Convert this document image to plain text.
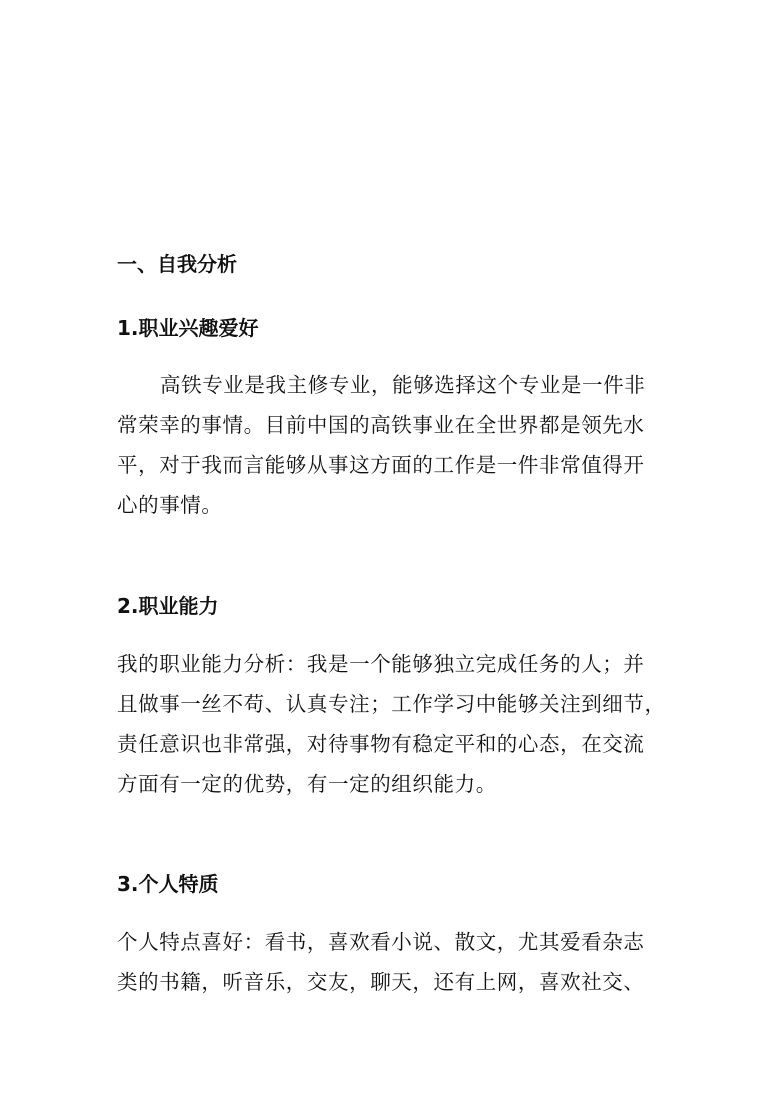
一、自我分析
1.职业兴趣爱好

高铁专业是我主修专业，能够选择这个专业是一件非
常荣幸的事情。目前中国的高铁事业在全世界都是领先水
平，对于我而言能够从事这方面的工作是一件非常值得开
心的事情。

2.职业能力

我的职业能力分析：我是一个能够独立完成任务的人；并
且做事一丝不苟、认真专注；工作学习中能够关注到细节，
责任意识也非常强，对待事物有稳定平和的心态，在交流
方面有一定的优势，有一定的组织能力。

3.个人特质

个人特点喜好：看书，喜欢看小说、散文，尤其爱看杂志
类的书籍，听音乐，交友，聊天，还有上网，喜欢社交、
